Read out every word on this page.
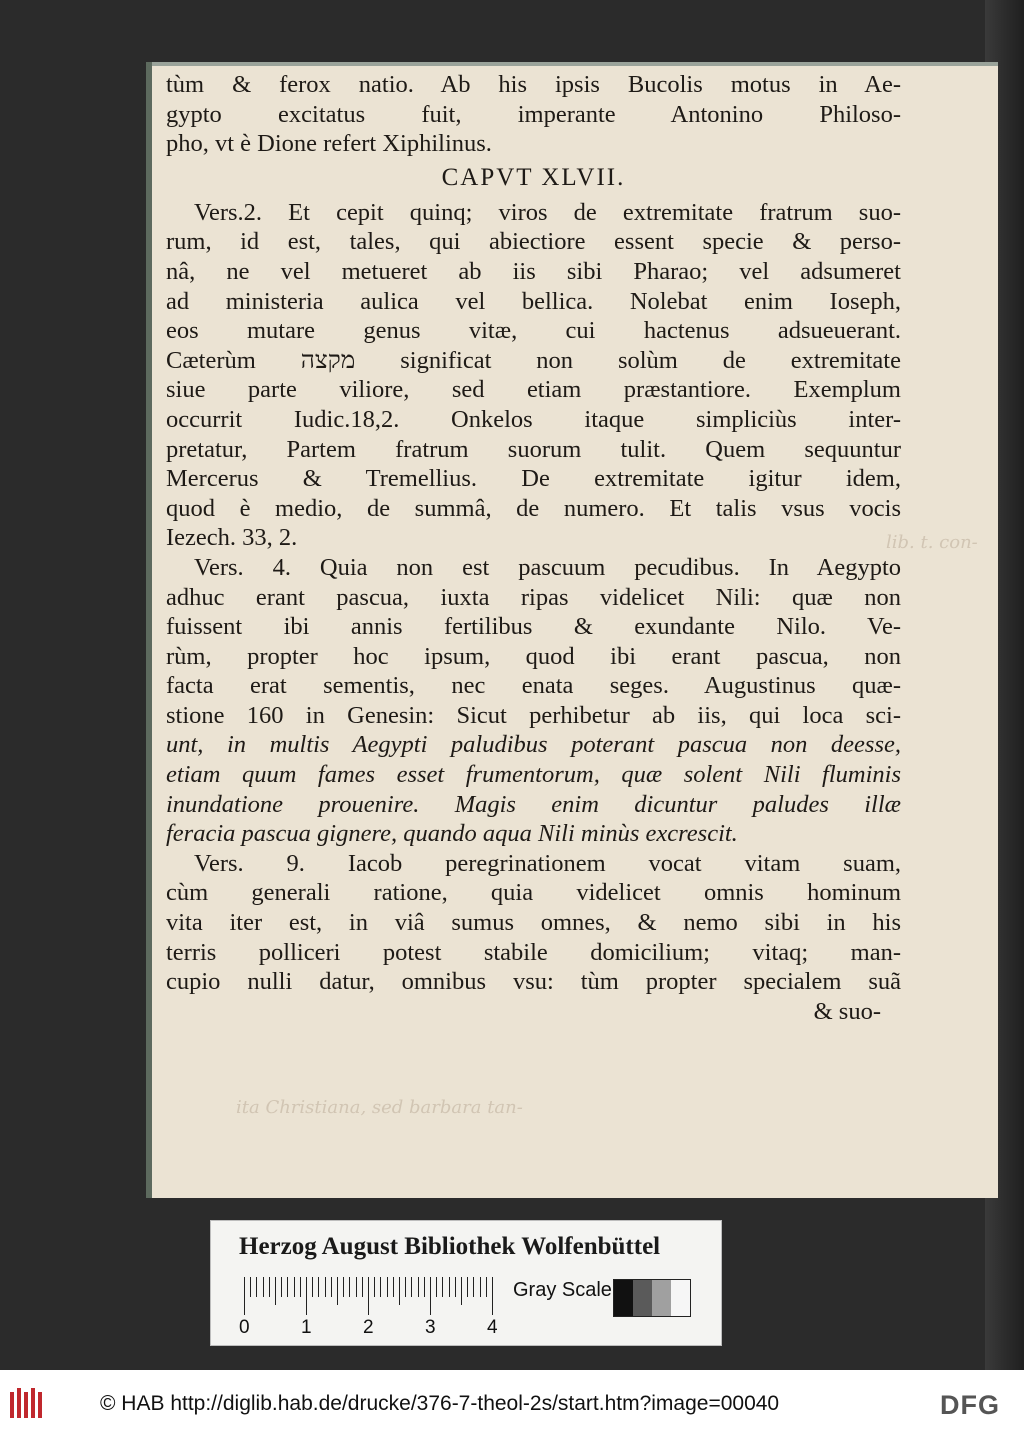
lib. t. con-
ita Christiana, sed barbara tan-
tùm & ferox natio. Ab his ipsis Bucolis motus in Ae-
gypto excitatus fuit, imperante Antonino Philoso-
pho, vt è Dione refert Xiphilinus.
CAPVT XLVII.
Vers.2. Et cepit quinq; viros de extremitate fratrum suo-
rum, id est, tales, qui abiectiore essent specie & perso-
nâ, ne vel metueret ab iis sibi Pharao; vel adsumeret
ad ministeria aulica vel bellica. Nolebat enim Ioseph,
eos mutare genus vitæ, cui hactenus adsueuerant.
Cæterùm מקצה significat non solùm de extremitate
siue parte viliore, sed etiam præstantiore. Exemplum
occurrit Iudic.18,2. Onkelos itaque simpliciùs inter-
pretatur, Partem fratrum suorum tulit. Quem sequuntur
Mercerus & Tremellius. De extremitate igitur idem,
quod è medio, de summâ, de numero. Et talis vsus vocis
Iezech. 33, 2.
Vers. 4. Quia non est pascuum pecudibus. In Aegypto
adhuc erant pascua, iuxta ripas videlicet Nili: quæ non
fuissent ibi annis fertilibus & exundante Nilo. Ve-
rùm, propter hoc ipsum, quod ibi erant pascua, non
facta erat sementis, nec enata seges. Augustinus quæ-
stione 160 in Genesin: Sicut perhibetur ab iis, qui loca sci-
unt, in multis Aegypti paludibus poterant pascua non deesse,
etiam quum fames esset frumentorum, quæ solent Nili fluminis
inundatione prouenire. Magis enim dicuntur paludes illæ
feracia pascua gignere, quando aqua Nili minùs excrescit.
Vers. 9. Iacob peregrinationem vocat vitam suam,
cùm generali ratione, quia videlicet omnis hominum
vita iter est, in viâ sumus omnes, & nemo sibi in his
terris polliceri potest stabile domicilium; vitaq; man-
cupio nulli datur, omnibus vsu: tùm propter specialem suã
& suo-
Herzog August Bibliothek Wolfenbüttel
0	1	2	3	4
Gray Scale
© HAB http://diglib.hab.de/drucke/376-7-theol-2s/start.htm?image=00040	DFG
